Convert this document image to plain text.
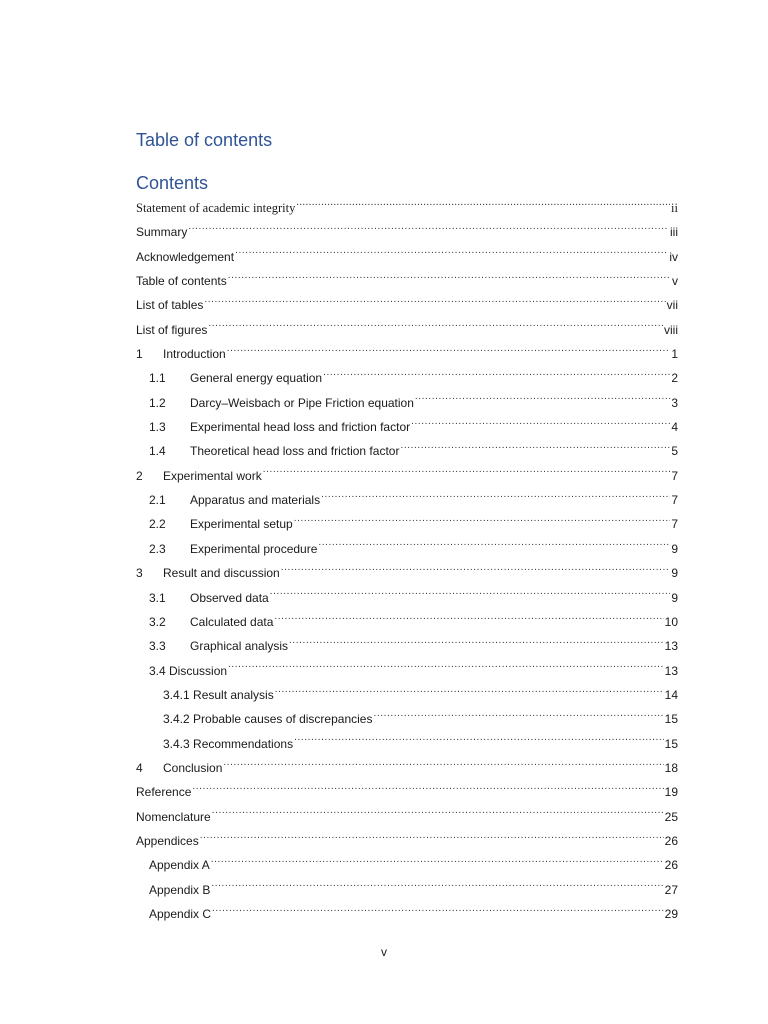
Table of contents
Contents
Statement of academic integrity .....	ii
Summary .....	iii
Acknowledgement .....	iv
Table of contents .....	v
List of tables .....	vii
List of figures .....	viii
1	Introduction .....	1
1.1	General energy equation .....	2
1.2	Darcy–Weisbach or Pipe Friction equation .....	3
1.3	Experimental head loss and friction factor .....	4
1.4	Theoretical head loss and friction factor .....	5
2	Experimental work .....	7
2.1	Apparatus and materials .....	7
2.2	Experimental setup .....	7
2.3	Experimental procedure .....	9
3	Result and discussion .....	9
3.1	Observed data .....	9
3.2	Calculated data .....	10
3.3	Graphical analysis .....	13
3.4 Discussion .....	13
3.4.1 Result analysis .....	14
3.4.2 Probable causes of discrepancies .....	15
3.4.3 Recommendations .....	15
4	Conclusion .....	18
Reference .....	19
Nomenclature .....	25
Appendices .....	26
Appendix A .....	26
Appendix B .....	27
Appendix C .....	29
v
